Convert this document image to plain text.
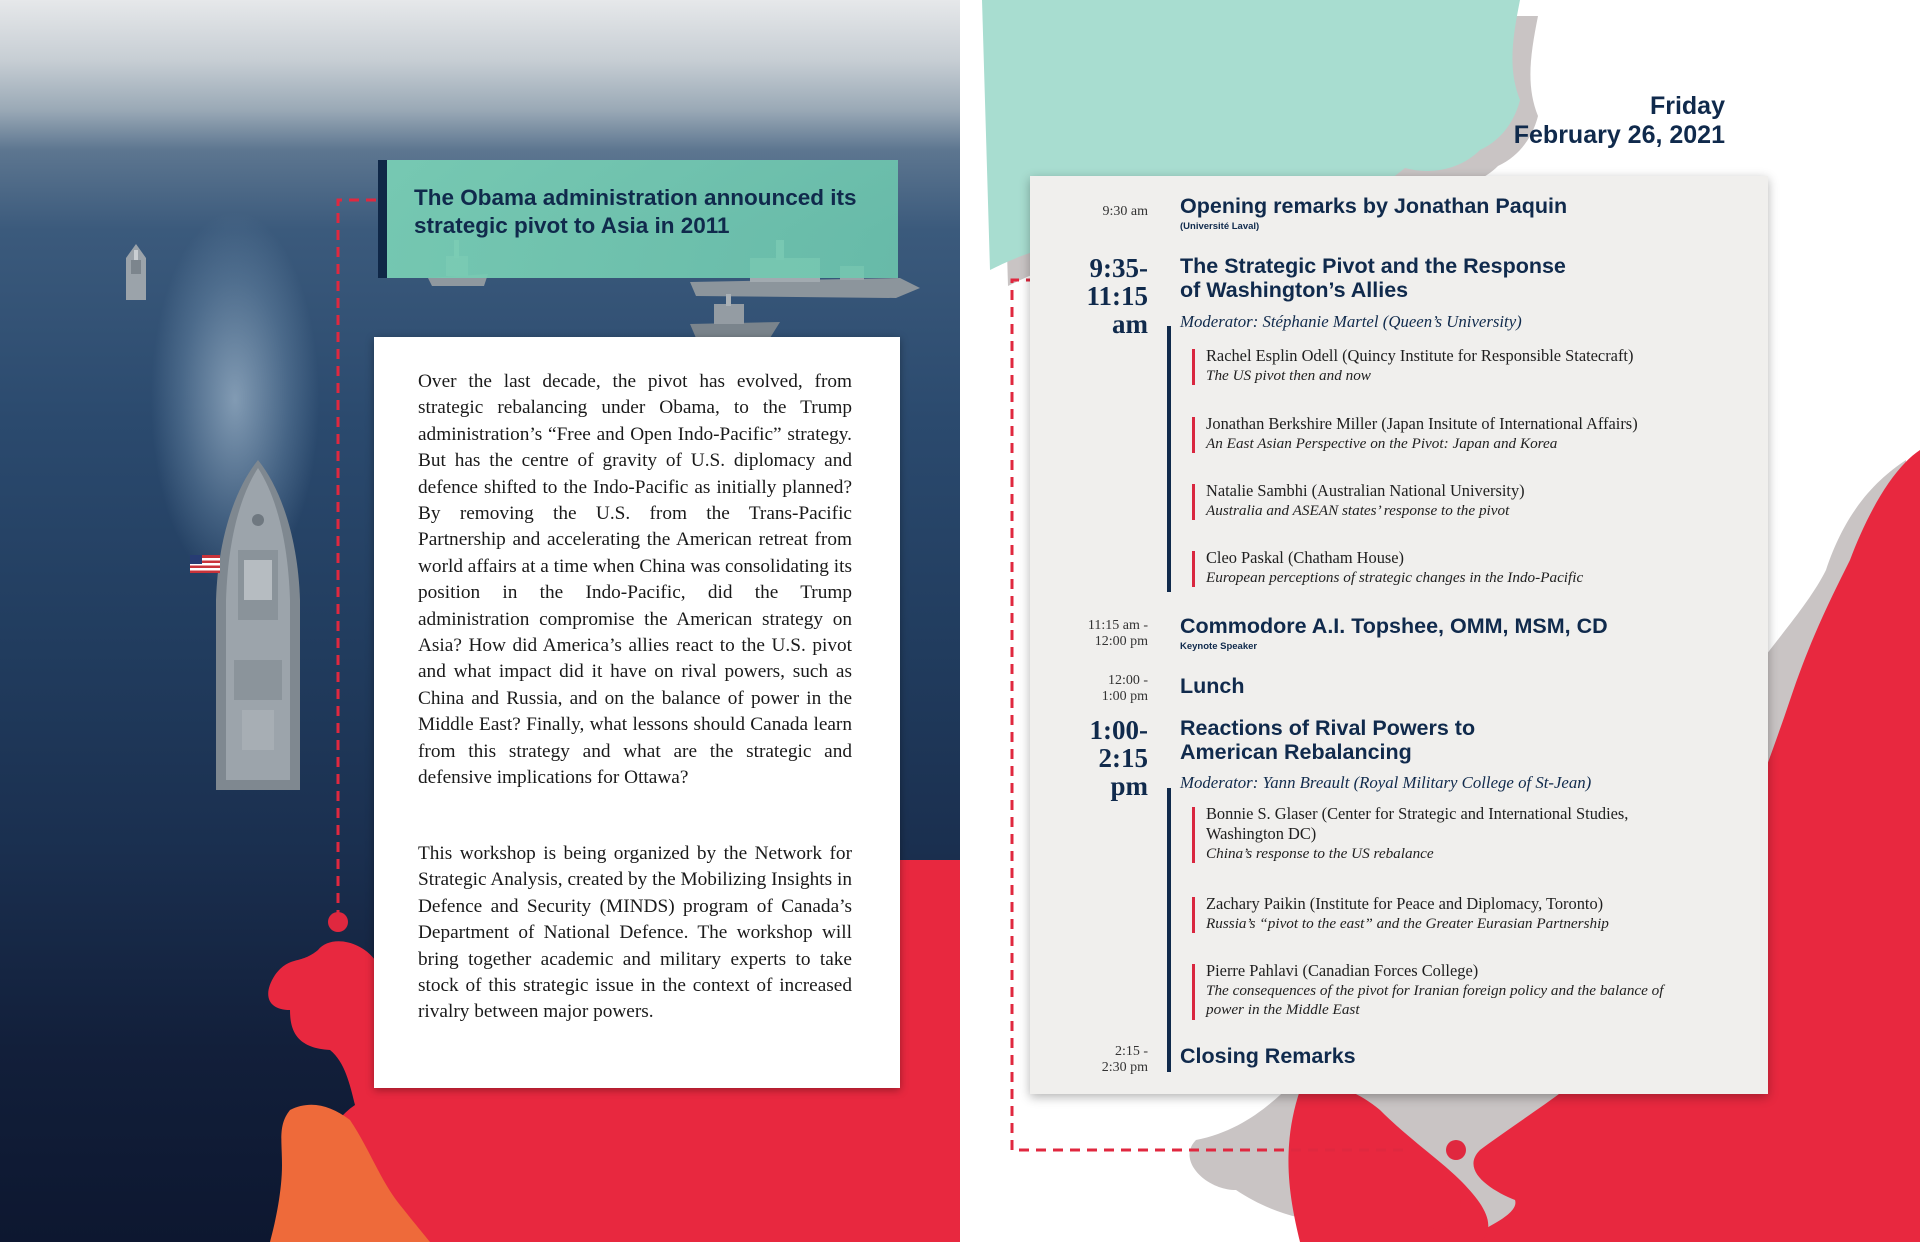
The Obama administration announced its strategic pivot to Asia in 2011

Over the last decade, the pivot has evolved, from strategic rebalancing under Obama, to the Trump administration’s “Free and Open Indo-Pacific” strategy. But has the centre of gravity of U.S. diplomacy and defence shifted to the Indo-Pacific as initially planned? By removing the U.S. from the Trans-Pacific Partnership and accelerating the American retreat from world affairs at a time when China was consolidating its position in the Indo-Pacific, did the Trump administration compromise the American strategy on Asia? How did America’s allies react to the U.S. pivot and what impact did it have on rival powers, such as China and Russia, and on the balance of power in the Middle East? Finally, what lessons should Canada learn from this strategy and what are the strategic and defensive implications for Ottawa?

This workshop is being organized by the Network for Strategic Analysis, created by the Mobilizing Insights in Defence and Security (MINDS) program of Canada’s Department of National Defence. The workshop will bring together academic and military experts to take stock of this strategic issue in the context of increased rivalry between major powers.

Friday
February 26, 2021
9:30 am Opening remarks by Jonathan Paquin
(Université Laval)
9:35-
11:15
am
The Strategic Pivot and the Response
of Washington’s Allies
Moderator: Stéphanie Martel (Queen’s University)
Rachel Esplin Odell (Quincy Institute for Responsible Statecraft)
The US pivot then and now
Jonathan Berkshire Miller (Japan Insitute of International Affairs)
An East Asian Perspective on the Pivot: Japan and Korea
Natalie Sambhi (Australian National University)
Australia and ASEAN states’ response to the pivot
Cleo Paskal (Chatham House)
European perceptions of strategic changes in the Indo-Pacific
11:15 am -
12:00 pm
Commodore A.I. Topshee, OMM, MSM, CD
Keynote Speaker
12:00 -
1:00 pm Lunch
1:00-
2:15
pm
Reactions of Rival Powers to
American Rebalancing
Moderator: Yann Breault (Royal Military College of St-Jean)
Bonnie S. Glaser (Center for Strategic and International Studies,
Washington DC)
China’s response to the US rebalance
Zachary Paikin (Institute for Peace and Diplomacy, Toronto)
Russia’s “pivot to the east” and the Greater Eurasian Partnership
Pierre Pahlavi (Canadian Forces College)
The consequences of the pivot for Iranian foreign policy and the balance of
power in the Middle East
2:15 -
2:30 pm Closing Remarks
